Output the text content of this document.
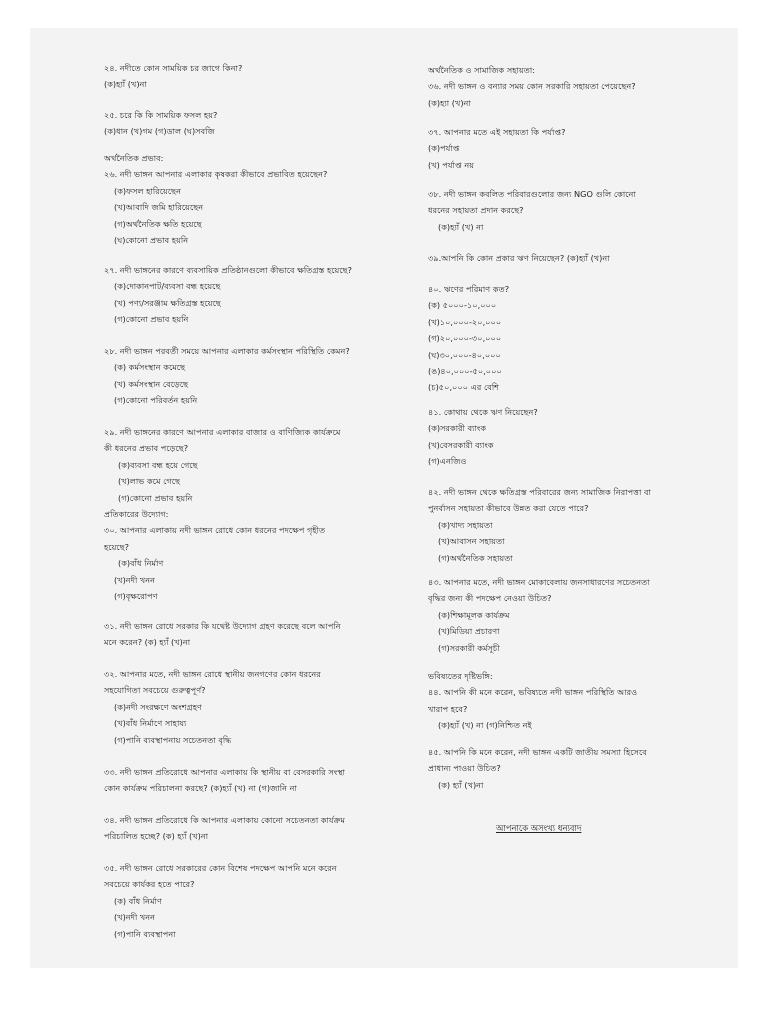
২৪. নদীতে কোন সাময়িক চর জাগে কিনা?
(ক)হ্যাঁ (খ)না
২৫. চরে কি কি সাময়িক ফসল হয়?
(ক)ধান (খ)গম (গ)ডাল (ঘ)সবজি
অর্থনৈতিক প্রভাব:
২৬. নদী ভাঙ্গন আপনার এলাকার কৃষকরা কীভাবে প্রভাবিত হয়েছেন?
(ক)ফসল হারিয়েছেন
(খ)আবাদি জমি হারিয়েছেন
(গ)অর্থনৈতিক ক্ষতি হয়েছে
(ঘ)কোনো প্রভাব হয়নি
২৭. নদী ভাঙ্গনের কারণে ব্যবসায়িক প্রতিষ্ঠানগুলো কীভাবে ক্ষতিগ্রস্ত হয়েছে?
(ক)দোকানপাট/ব্যবসা বন্ধ হয়েছে
(খ) পণ্য/সরঞ্জাম ক্ষতিগ্রস্ত হয়েছে
(গ)কোনো প্রভাব হয়নি
২৮. নদী ভাঙ্গন পরবর্তী সময়ে আপনার এলাকার কর্মসংস্থান পরিস্থিতি কেমন?
(ক) কর্মসংস্থান কমেছে
(খ) কর্মসংস্থান বেড়েছে
(গ)কোনো পরিবর্তন হয়নি
২৯. নদী ভাঙ্গনের কারণে আপনার এলাকার বাজার ও বাণিজ্যিক কার্যক্রমে
কী ধরনের প্রভাব পড়েছে?
(ক)ব্যবসা বন্ধ হয়ে গেছে
(খ)লাভ কমে গেছে
(গ)কোনো প্রভাব হয়নি
প্রতিকারের উদ্যোগ:
৩০. আপনার এলাকায় নদী ভাঙ্গন রোধে কোন ধরনের পদক্ষেপ গৃহীত
হয়েছে?
(ক)বাঁধ নির্মাণ
(খ)নদী খনন
(গ)বৃক্ষরোপণ
৩১. নদী ভাঙ্গন রোধে সরকার কি যথেষ্ট উদ্যোগ গ্রহণ করেছে বলে আপনি
মনে করেন? (ক) হ্যাঁ (খ)না
৩২. আপনার মতে, নদী ভাঙ্গন রোধে স্থানীয় জনগণের কোন ধরনের
সহযোগিতা সবচেয়ে গুরুত্বপূর্ণ?
(ক)নদী সংরক্ষণে অংশগ্রহণ
(খ)বাঁধ নির্মাণে সাহায্য
(গ)পানি ব্যবস্থাপনায় সচেতনতা বৃদ্ধি
৩৩. নদী ভাঙ্গন প্রতিরোধে আপনার এলাকায় কি স্থানীয় বা বেসরকারি সংস্থা
কোন কার্যক্রম পরিচালনা করছে? (ক)হ্যাঁ (খ) না (গ)জানি না
৩৪. নদী ভাঙ্গন প্রতিরোধে কি আপনার এলাকায় কোনো সচেতনতা কার্যক্রম
পরিচালিত হচ্ছে? (ক) হ্যাঁ (খ)না
৩৫. নদী ভাঙ্গন রোধে সরকারের কোন বিশেষ পদক্ষেপ আপনি মনে করেন
সবচেয়ে কার্যকর হতে পারে?
(ক) বাঁধ নির্মাণ
(খ)নদী খনন
(গ)পানি ব্যবস্থাপনা
অর্থনৈতিক ও সামাজিক সহায়তা:
৩৬. নদী ভাঙ্গন ও বন্যার সময় কোন সরকারি সহায়তা পেয়েছেন?
(ক)হ্যা (খ)না
৩৭. আপনার মতে এই সহায়তা কি পর্যাপ্ত?
(ক)পর্যাপ্ত
(খ) পর্যাপ্ত নয়
৩৮. নদী ভাঙ্গন কবলিত পরিবারগুলোর জন্য NGO গুলি কোনো
ধরনের সহায়তা প্রদান করছে?
(ক)হ্যাঁ (খ) না
৩৯.আপনি কি কোন প্রকার ঋণ নিয়েছেন? (ক)হ্যাঁ (খ)না
৪০. ঋণের পরিমাণ কত?
(ক) ৫০০০-১০,০০০
(খ)১০,০০০-২০,০০০
(গ)২০,০০০-৩০,০০০
(ঘ)৩০,০০০-৪০,০০০
(ঙ)৪০,০০০-৫০,০০০
(চ)৫০,০০০ এর বেশি
৪১. কোথায় থেকে ঋণ নিয়েছেন?
(ক)সরকারী ব্যাংক
(খ)বেসরকারী ব্যাংক
(গ)এনজিও
৪২. নদী ভাঙ্গন থেকে ক্ষতিগ্রস্ত পরিবারের জন্য সামাজিক নিরাপত্তা বা
পুনর্বাসন সহায়তা কীভাবে উন্নত করা যেতে পারে?
(ক)খাদ্য সহায়তা
(খ)আবাসন সহায়তা
(গ)অর্থনৈতিক সহায়তা
৪৩. আপনার মতে, নদী ভাঙ্গন মোকাবেলায় জনসাধারণের সচেতনতা
বৃদ্ধির জন্য কী পদক্ষেপ নেওয়া উচিত?
(ক)শিক্ষামূলক কার্যক্রম
(খ)মিডিয়া প্রচারণা
(গ)সরকারী কর্মসূচী
ভবিষ্যতের দৃষ্টিভঙ্গি:
৪৪. আপনি কী মনে করেন, ভবিষ্যতে নদী ভাঙ্গন পরিস্থিতি আরও
খারাপ হবে?
(ক)হ্যাঁ (খ) না (গ)নিশ্চিত নই
৪৫. আপনি কি মনে করেন, নদী ভাঙ্গন একটি জাতীয় সমস্যা হিসেবে
প্রাধান্য পাওয়া উচিত?
(ক) হ্যাঁ (খ)না
আপনাকে অসংখ্য ধন্যবাদ
